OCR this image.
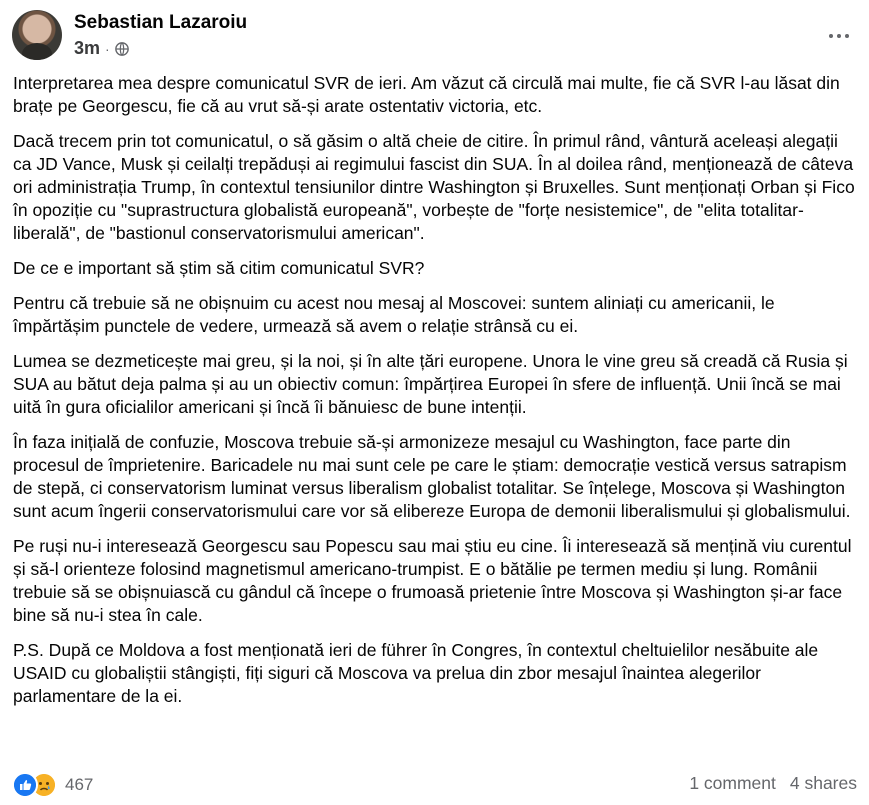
Sebastian Lazaroiu
3m ·

Interpretarea mea despre comunicatul SVR de ieri. Am văzut că circulă mai multe, fie că SVR l-au lăsat din brațe pe Georgescu, fie că au vrut să-și arate ostentativ victoria, etc.

Dacă trecem prin tot comunicatul, o să găsim o altă cheie de citire. În primul rând, vântură aceleași alegații ca JD Vance, Musk și ceilalți trepăduși ai regimului fascist din SUA. În al doilea rând, menționează de câteva ori administrația Trump, în contextul tensiunilor dintre Washington și Bruxelles. Sunt menționați Orban și Fico în opoziție cu "suprastructura globalistă europeană", vorbește de "forțe nesistemice", de "elita totalitar-liberală", de "bastionul conservatorismului american".

De ce e important să știm să citim comunicatul SVR?

Pentru că trebuie să ne obișnuim cu acest nou mesaj al Moscovei: suntem aliniați cu americanii, le împărtășim punctele de vedere, urmează să avem o relație strânsă cu ei.

Lumea se dezmeticește mai greu, și la noi, și în alte țări europene. Unora le vine greu să creadă că Rusia și SUA au bătut deja palma și au un obiectiv comun: împărțirea Europei în sfere de influență. Unii încă se mai uită în gura oficialilor americani și încă îi bănuiesc de bune intenții.

În faza inițială de confuzie, Moscova trebuie să-și armonizeze mesajul cu Washington, face parte din procesul de împrietenire. Baricadele nu mai sunt cele pe care le știam: democrație vestică versus satrapism de stepă, ci conservatorism luminat versus liberalism globalist totalitar. Se înțelege, Moscova și Washington sunt acum îngerii conservatorismului care vor să elibereze Europa de demonii liberalismului și globalismului.

Pe ruși nu-i interesează Georgescu sau Popescu sau mai știu eu cine. Îi interesează să mențină viu curentul și să-l orienteze folosind magnetismul americano-trumpist. E o bătălie pe termen mediu și lung. Românii trebuie să se obișnuiască cu gândul că începe o frumoasă prietenie între Moscova și Washington și-ar face bine să nu-i stea în cale.

P.S. După ce Moldova a fost menționată ieri de führer în Congres, în contextul cheltuielilor nesăbuite ale USAID cu globaliștii stângiști, fiți siguri că Moscova va prelua din zbor mesajul înaintea alegerilor parlamentare de la ei.

467	1 comment 4 shares
